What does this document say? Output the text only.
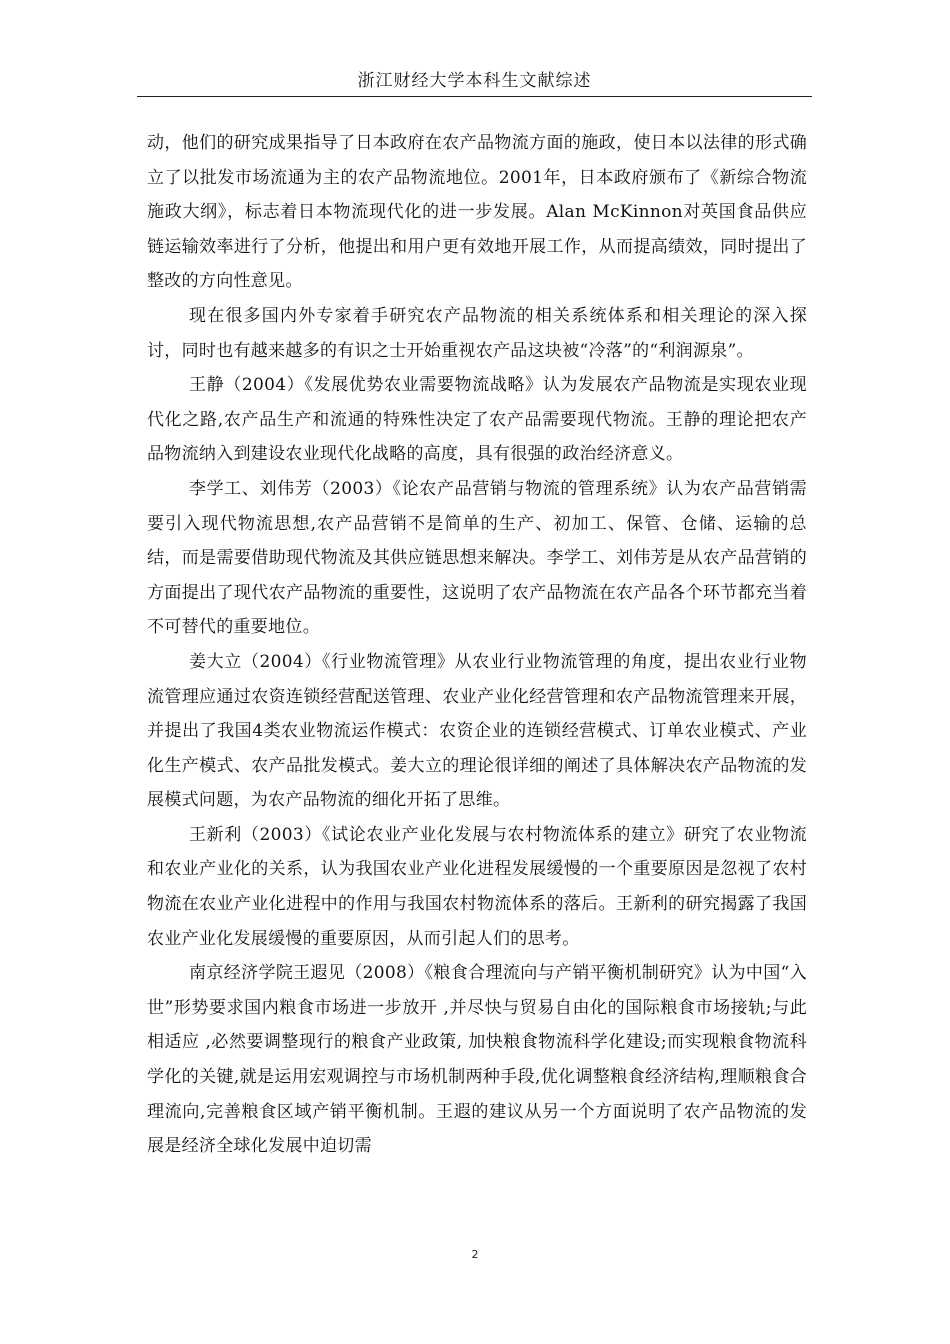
浙江财经大学本科生文献综述

动，他们的研究成果指导了日本政府在农产品物流方面的施政，使日本以法律的形式确立了以批发市场流通为主的农产品物流地位。2001年，日本政府颁布了《新综合物流施政大纲》，标志着日本物流现代化的进一步发展。Alan McKinnon对英国食品供应链运输效率进行了分析，他提出和用户更有效地开展工作，从而提高绩效，同时提出了整改的方向性意见。

现在很多国内外专家着手研究农产品物流的相关系统体系和相关理论的深入探讨，同时也有越来越多的有识之士开始重视农产品这块被“冷落”的“利润源泉”。

王静（2004）《发展优势农业需要物流战略》认为发展农产品物流是实现农业现代化之路,农产品生产和流通的特殊性决定了农产品需要现代物流。王静的理论把农产品物流纳入到建设农业现代化战略的高度，具有很强的政治经济意义。

李学工、刘伟芳（2003）《论农产品营销与物流的管理系统》认为农产品营销需要引入现代物流思想,农产品营销不是简单的生产、初加工、保管、仓储、运输的总结，而是需要借助现代物流及其供应链思想来解决。李学工、刘伟芳是从农产品营销的方面提出了现代农产品物流的重要性，这说明了农产品物流在农产品各个环节都充当着不可替代的重要地位。

姜大立（2004）《行业物流管理》从农业行业物流管理的角度，提出农业行业物流管理应通过农资连锁经营配送管理、农业产业化经营管理和农产品物流管理来开展，并提出了我国4类农业物流运作模式：农资企业的连锁经营模式、订单农业模式、产业化生产模式、农产品批发模式。姜大立的理论很详细的阐述了具体解决农产品物流的发展模式问题，为农产品物流的细化开拓了思维。

王新利（2003）《试论农业产业化发展与农村物流体系的建立》研究了农业物流和农业产业化的关系，认为我国农业产业化进程发展缓慢的一个重要原因是忽视了农村物流在农业产业化进程中的作用与我国农村物流体系的落后。王新利的研究揭露了我国农业产业化发展缓慢的重要原因，从而引起人们的思考。

南京经济学院王遐见（2008）《粮食合理流向与产销平衡机制研究》认为中国“入世”形势要求国内粮食市场进一步放开 ,并尽快与贸易自由化的国际粮食市场接轨;与此相适应 ,必然要调整现行的粮食产业政策, 加快粮食物流科学化建设;而实现粮食物流科学化的关键,就是运用宏观调控与市场机制两种手段,优化调整粮食经济结构,理顺粮食合理流向,完善粮食区域产销平衡机制。王遐的建议从另一个方面说明了农产品物流的发展是经济全球化发展中迫切需

2
